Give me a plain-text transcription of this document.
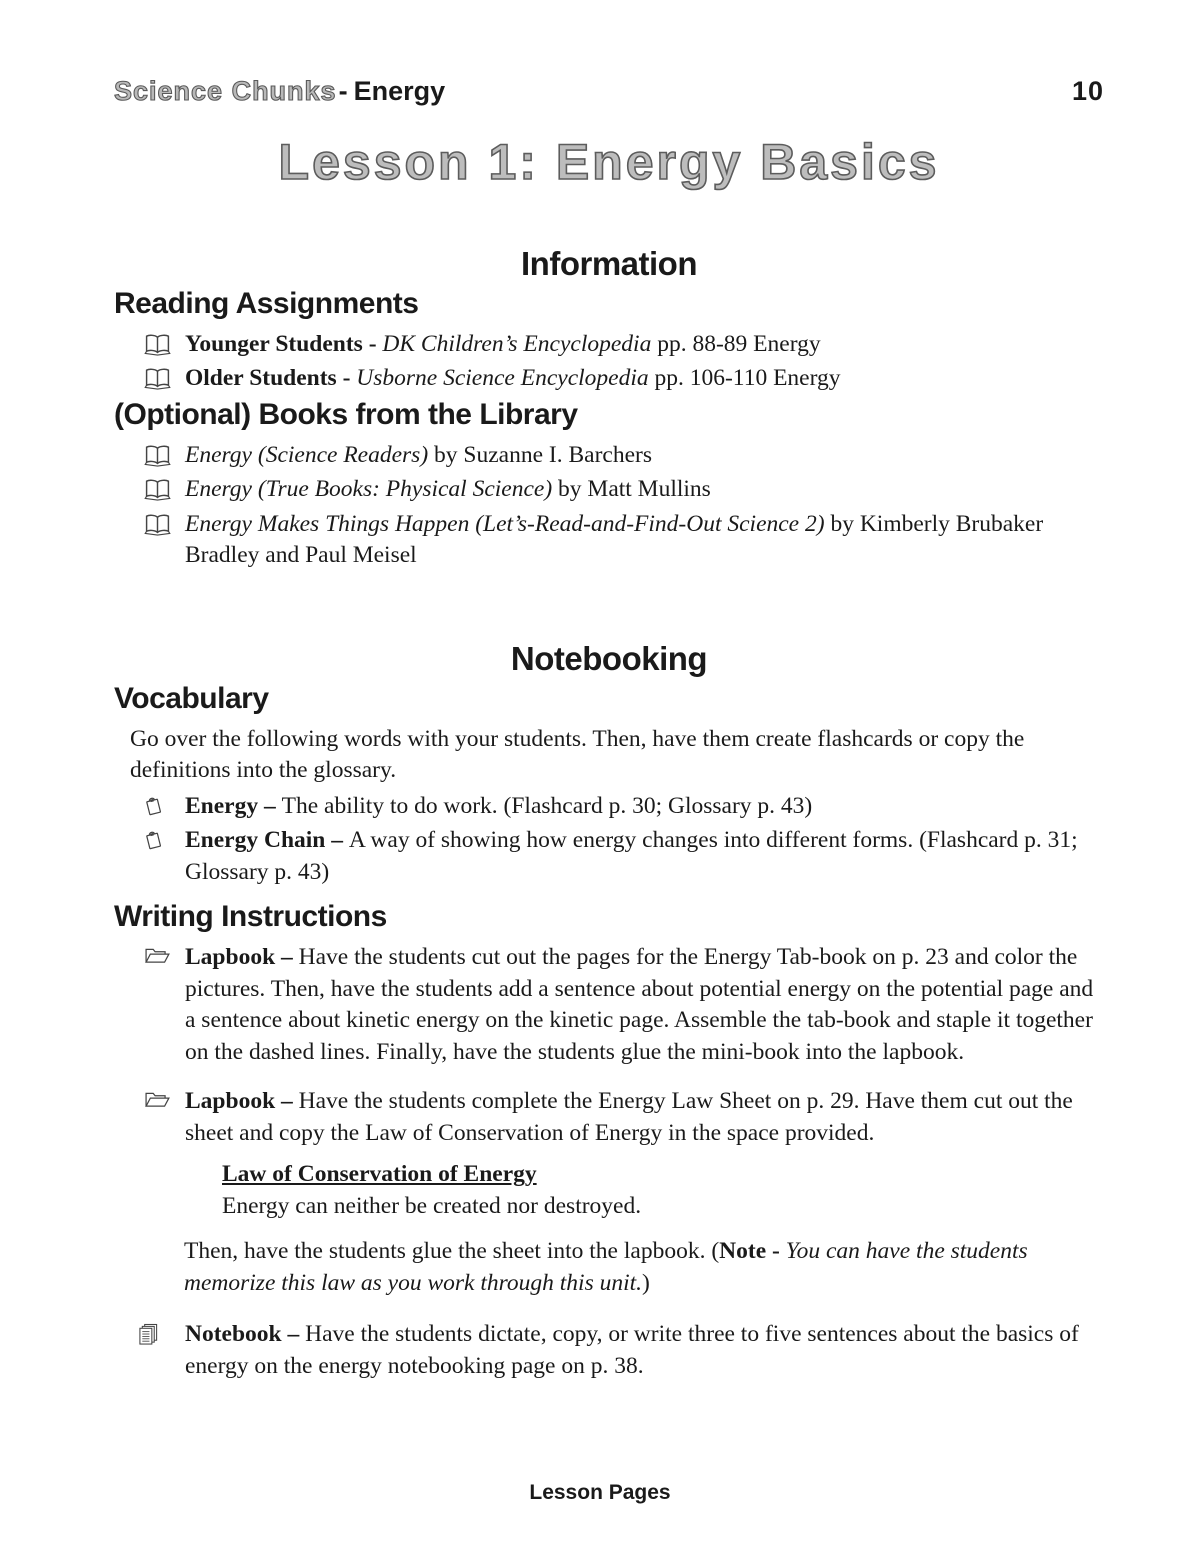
Science Chunks- Energy	10
Lesson 1: Energy Basics
Information
Reading Assignments
Younger Students - DK Children’s Encyclopedia pp. 88-89 Energy
Older Students - Usborne Science Encyclopedia pp. 106-110 Energy
(Optional) Books from the Library
Energy (Science Readers) by Suzanne I. Barchers
Energy (True Books: Physical Science) by Matt Mullins
Energy Makes Things Happen (Let’s-Read-and-Find-Out Science 2) by Kimberly Brubaker Bradley and Paul Meisel
Notebooking
Vocabulary

Go over the following words with your students. Then, have them create flashcards or copy the definitions into the glossary.

Energy – The ability to do work. (Flashcard p. 30; Glossary p. 43)
Energy Chain – A way of showing how energy changes into different forms. (Flashcard p. 31; Glossary p. 43)
Writing Instructions
Lapbook – Have the students cut out the pages for the Energy Tab-book on p. 23 and color the pictures. Then, have the students add a sentence about potential energy on the potential page and a sentence about kinetic energy on the kinetic page. Assemble the tab-book and staple it together on the dashed lines. Finally, have the students glue the mini-book into the lapbook.
Lapbook – Have the students complete the Energy Law Sheet on p. 29. Have them cut out the sheet and copy the Law of Conservation of Energy in the space provided.
Law of Conservation of Energy
Energy can neither be created nor destroyed.

Then, have the students glue the sheet into the lapbook. (Note - You can have the students memorize this law as you work through this unit.)

Notebook – Have the students dictate, copy, or write three to five sentences about the basics of energy on the energy notebooking page on p. 38.
Lesson Pages
